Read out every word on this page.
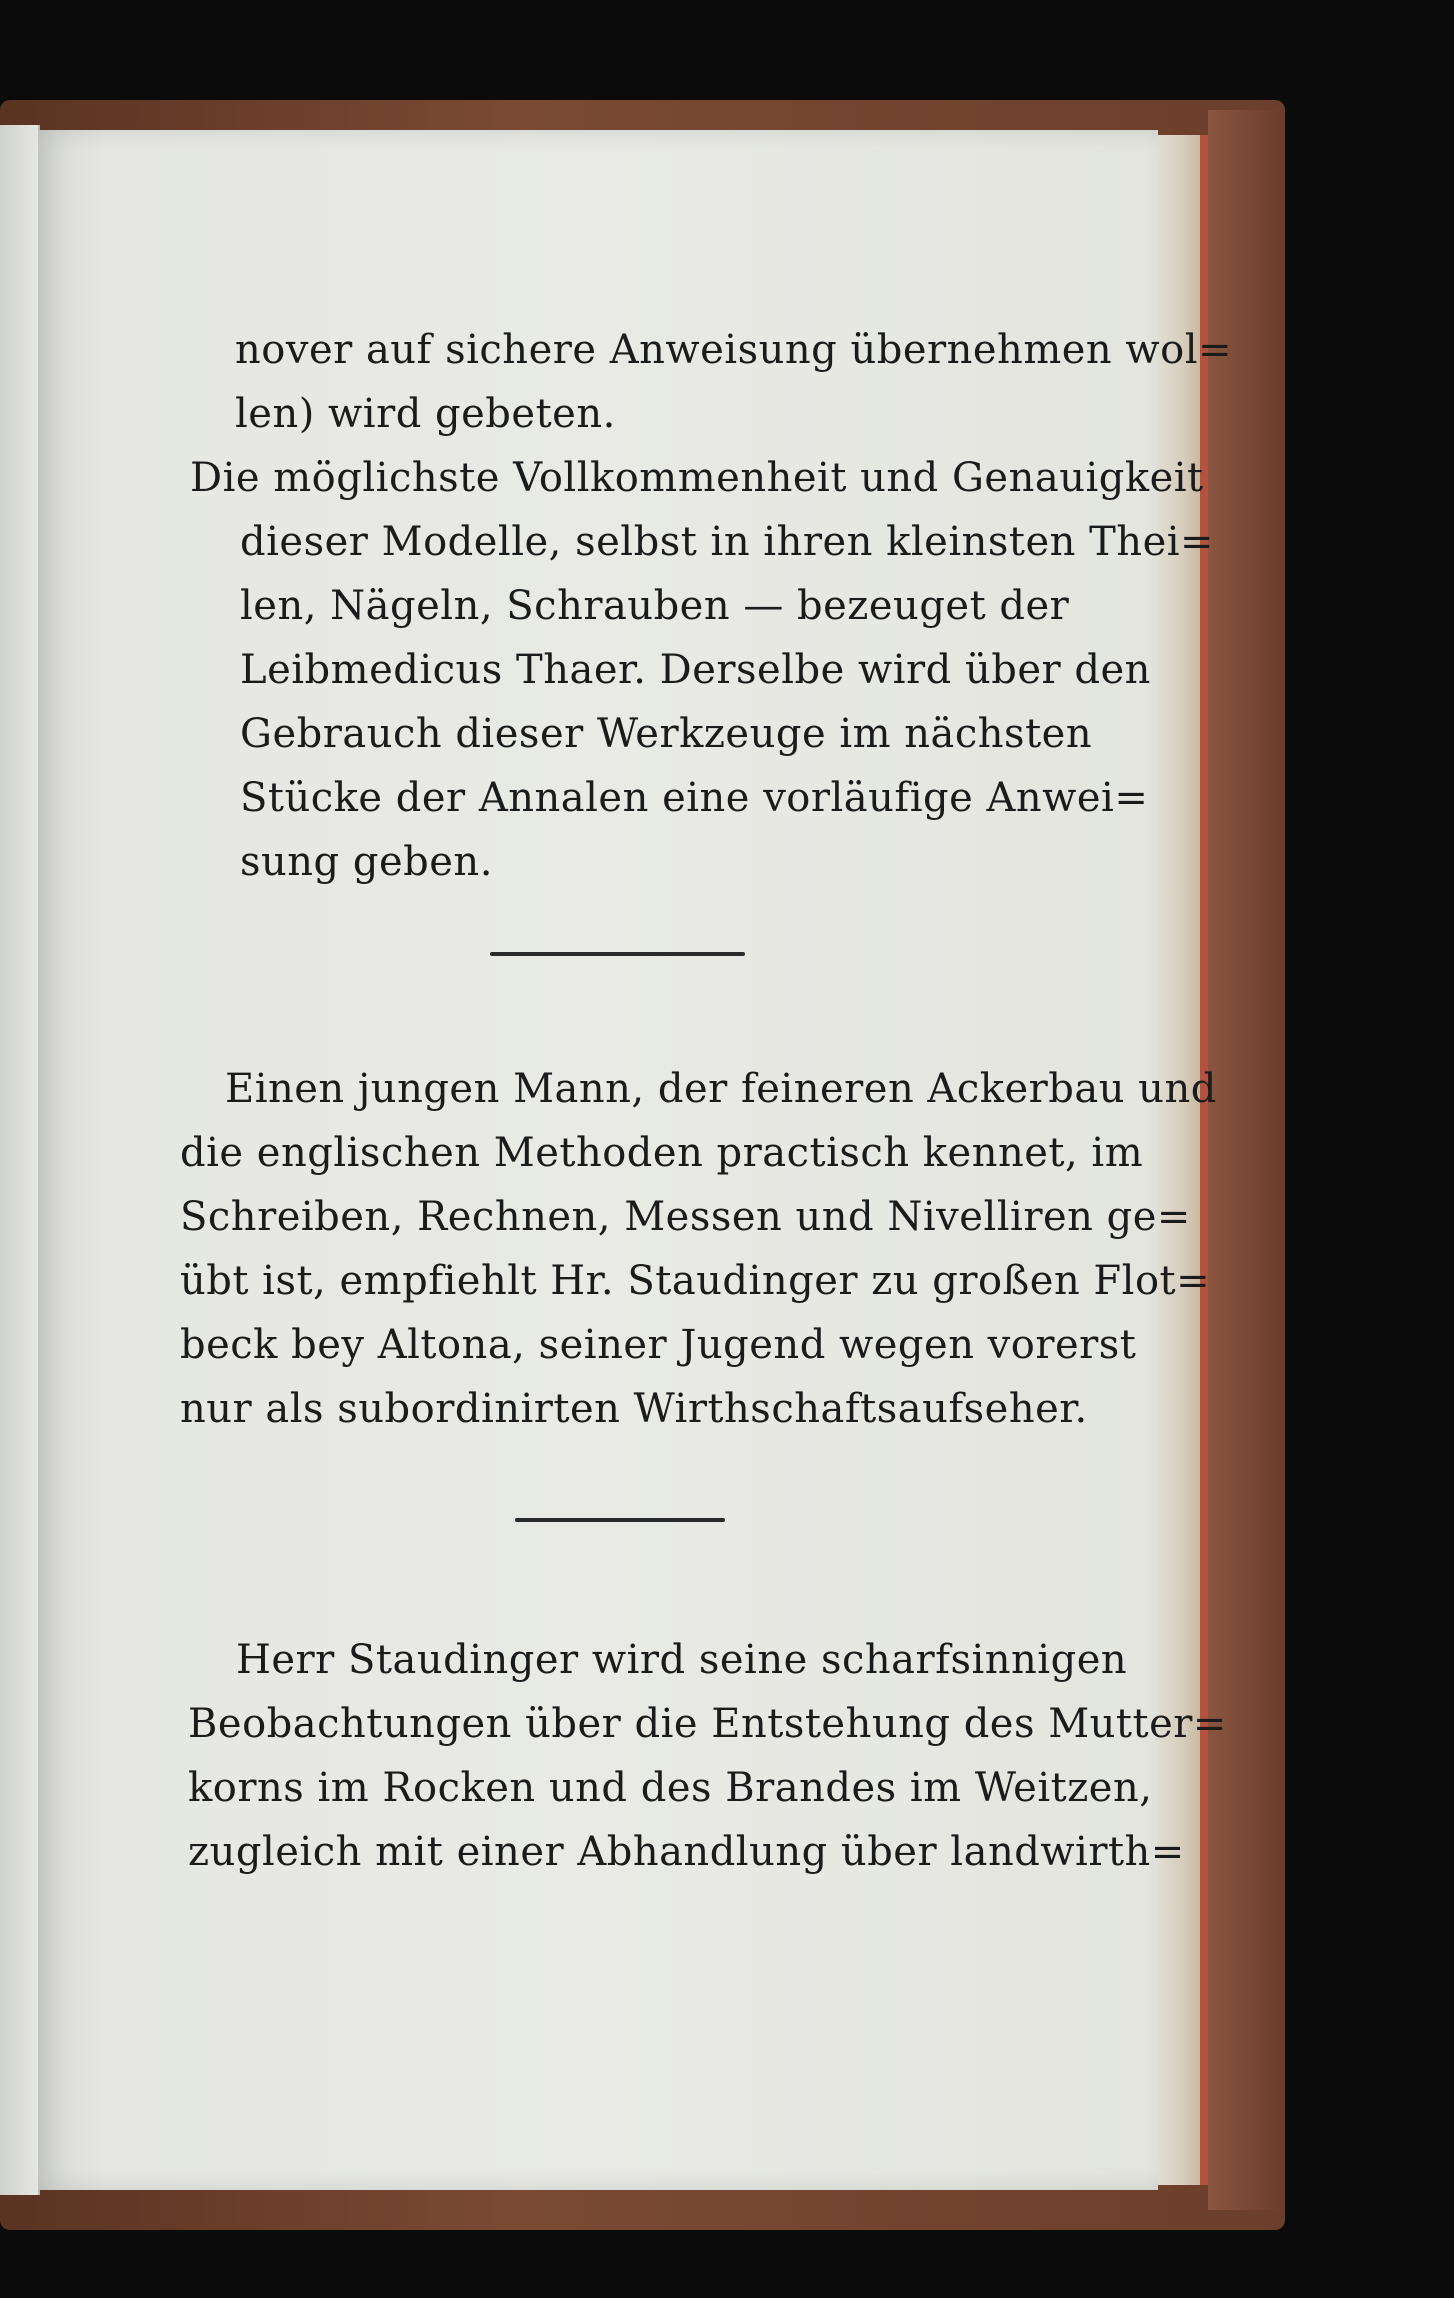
nover auf sichere Anweisung übernehmen wol=
len) wird gebeten.
Die möglichste Vollkommenheit und Genauigkeit
dieser Modelle, selbst in ihren kleinsten Thei=
len, Nägeln, Schrauben — bezeuget der
Leibmedicus Thaer. Derselbe wird über den
Gebrauch dieser Werkzeuge im nächsten
Stücke der Annalen eine vorläufige Anwei=
sung geben.
Einen jungen Mann, der feineren Ackerbau und
die englischen Methoden practisch kennet, im
Schreiben, Rechnen, Messen und Nivelliren ge=
übt ist, empfiehlt Hr. Staudinger zu großen Flot=
beck bey Altona, seiner Jugend wegen vorerst
nur als subordinirten Wirthschaftsaufseher.
Herr Staudinger wird seine scharfsinnigen
Beobachtungen über die Entstehung des Mutter=
korns im Rocken und des Brandes im Weitzen,
zugleich mit einer Abhandlung über landwirth=
